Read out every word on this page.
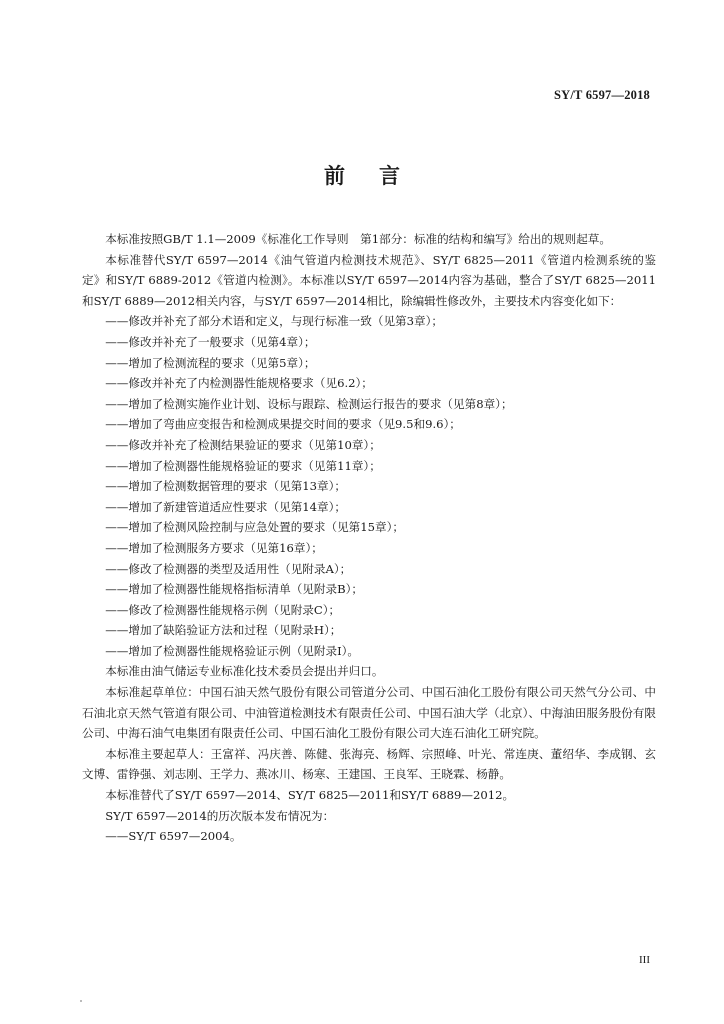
SY/T 6597—2018
前 言

本标准按照GB/T 1.1—2009《标准化工作导则　第1部分：标准的结构和编写》给出的规则起草。

本标准替代SY/T 6597—2014《油气管道内检测技术规范》、SY/T 6825—2011《管道内检测系统的鉴定》和SY/T 6889-2012《管道内检测》。本标准以SY/T 6597—2014内容为基础，整合了SY/T 6825—2011和SY/T 6889—2012相关内容，与SY/T 6597—2014相比，除编辑性修改外，主要技术内容变化如下：

——修改并补充了部分术语和定义，与现行标准一致（见第3章）；

——修改并补充了一般要求（见第4章）；

——增加了检测流程的要求（见第5章）；

——修改并补充了内检测器性能规格要求（见6.2）；

——增加了检测实施作业计划、设标与跟踪、检测运行报告的要求（见第8章）；

——增加了弯曲应变报告和检测成果提交时间的要求（见9.5和9.6）；

——修改并补充了检测结果验证的要求（见第10章）；

——增加了检测器性能规格验证的要求（见第11章）；

——增加了检测数据管理的要求（见第13章）；

——增加了新建管道适应性要求（见第14章）；

——增加了检测风险控制与应急处置的要求（见第15章）；

——增加了检测服务方要求（见第16章）；

——修改了检测器的类型及适用性（见附录A）；

——增加了检测器性能规格指标清单（见附录B）；

——修改了检测器性能规格示例（见附录C）；

——增加了缺陷验证方法和过程（见附录H）；

——增加了检测器性能规格验证示例（见附录I）。

本标准由油气储运专业标准化技术委员会提出并归口。

本标准起草单位：中国石油天然气股份有限公司管道分公司、中国石油化工股份有限公司天然气分公司、中石油北京天然气管道有限公司、中油管道检测技术有限责任公司、中国石油大学（北京）、中海油田服务股份有限公司、中海石油气电集团有限责任公司、中国石油化工股份有限公司大连石油化工研究院。

本标准主要起草人：王富祥、冯庆善、陈健、张海亮、杨辉、宗照峰、叶光、常连庚、董绍华、李成钢、玄文博、雷铮强、刘志刚、王学力、燕冰川、杨寒、王建国、王良军、王晓霖、杨静。

本标准替代了SY/T 6597—2014、SY/T 6825—2011和SY/T 6889—2012。

SY/T 6597—2014的历次版本发布情况为：

——SY/T 6597—2004。

III
